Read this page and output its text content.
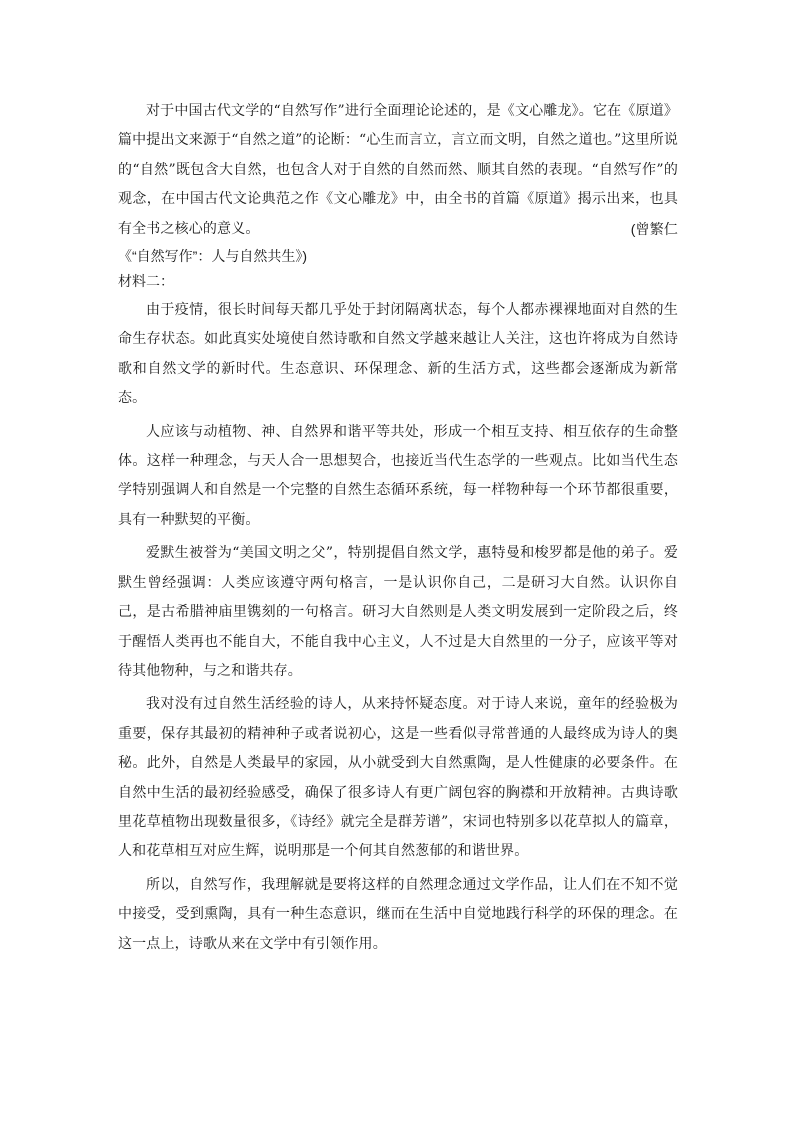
对于中国古代文学的“自然写作”进行全面理论论述的，是《文心雕龙》。它在《原道》篇中提出文来源于“自然之道”的论断：“心生而言立，言立而文明，自然之道也。”这里所说的“自然”既包含大自然，也包含人对于自然的自然而然、顺其自然的表现。“自然写作”的观念，在中国古代文论典范之作《文心雕龙》中，由全书的首篇《原道》揭示出来，也具有全书之核心的意义。	(曾繁仁

《“自然写作”：人与自然共生》)

材料二：

由于疫情，很长时间每天都几乎处于封闭隔离状态，每个人都赤裸裸地面对自然的生命生存状态。如此真实处境使自然诗歌和自然文学越来越让人关注，这也许将成为自然诗歌和自然文学的新时代。生态意识、环保理念、新的生活方式，这些都会逐渐成为新常态。

人应该与动植物、神、自然界和谐平等共处，形成一个相互支持、相互依存的生命整体。这样一种理念，与天人合一思想契合，也接近当代生态学的一些观点。比如当代生态学特别强调人和自然是一个完整的自然生态循环系统，每一样物种每一个环节都很重要，具有一种默契的平衡。

爱默生被誉为“美国文明之父”，特别提倡自然文学，惠特曼和梭罗都是他的弟子。爱默生曾经强调：人类应该遵守两句格言，一是认识你自己，二是研习大自然。认识你自己，是古希腊神庙里镌刻的一句格言。研习大自然则是人类文明发展到一定阶段之后，终于醒悟人类再也不能自大，不能自我中心主义，人不过是大自然里的一分子，应该平等对待其他物种，与之和谐共存。

我对没有过自然生活经验的诗人，从来持怀疑态度。对于诗人来说，童年的经验极为重要，保存其最初的精神种子或者说初心，这是一些看似寻常普通的人最终成为诗人的奥秘。此外，自然是人类最早的家园，从小就受到大自然熏陶，是人性健康的必要条件。在自然中生活的最初经验感受，确保了很多诗人有更广阔包容的胸襟和开放精神。古典诗歌里花草植物出现数量很多，《诗经》就完全是群芳谱”，宋词也特别多以花草拟人的篇章，人和花草相互对应生辉，说明那是一个何其自然葱郁的和谐世界。

所以，自然写作，我理解就是要将这样的自然理念通过文学作品，让人们在不知不觉中接受，受到熏陶，具有一种生态意识，继而在生活中自觉地践行科学的环保的理念。在这一点上，诗歌从来在文学中有引领作用。
